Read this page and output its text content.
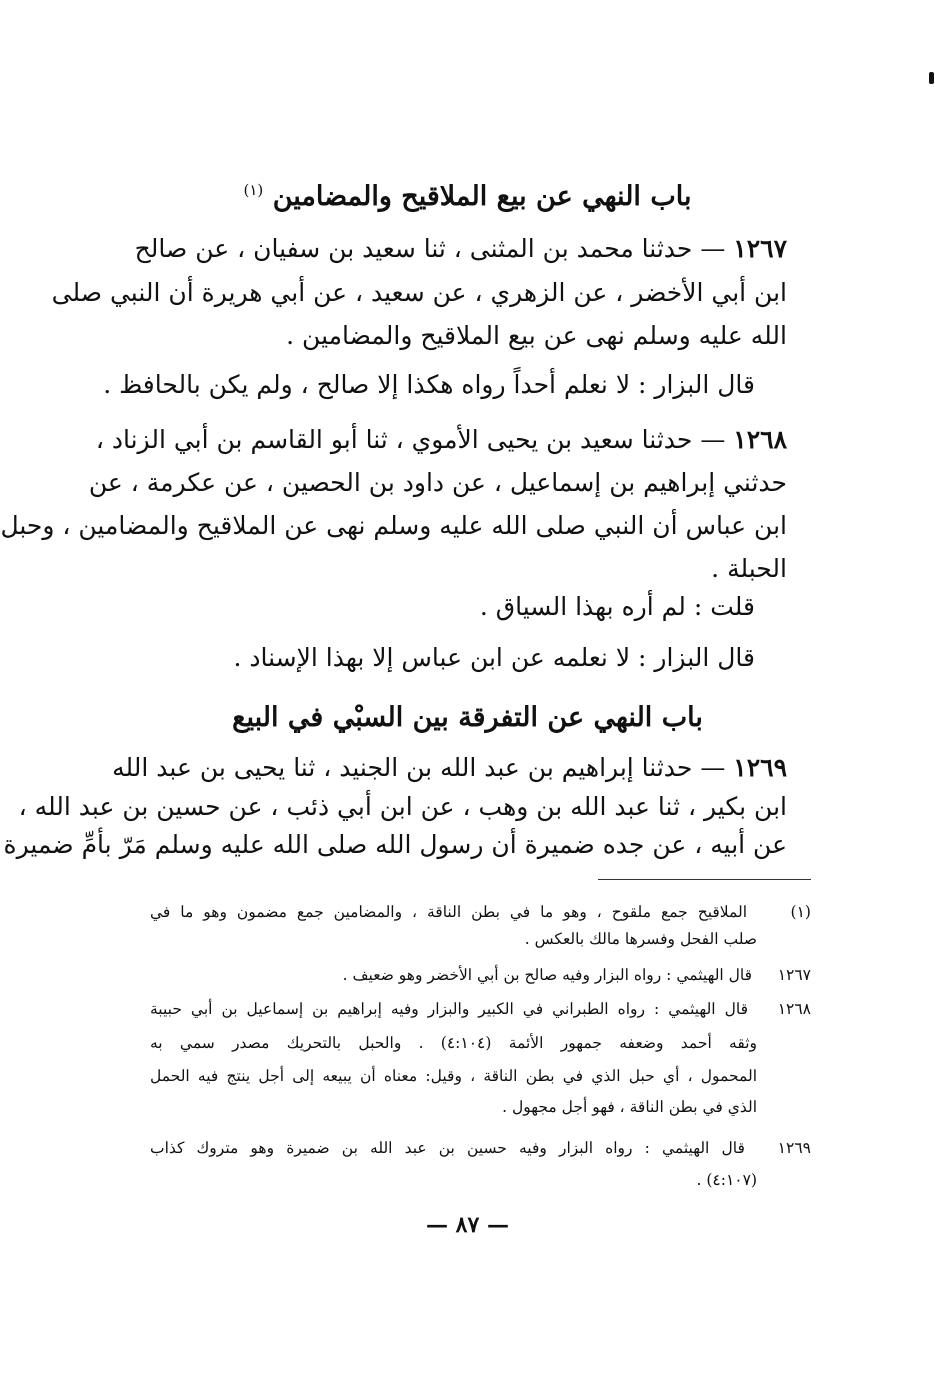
باب النهي عن بيع الملاقيح والمضامين $^{(١)}$
١٢٦٧ — حدثنا محمد بن المثنى ، ثنا سعيد بن سفيان ، عن صالح
ابن أبي الأخضر ، عن الزهري ، عن سعيد ، عن أبي هريرة أن النبي صلى
الله عليه وسلم نهى عن بيع الملاقيح والمضامين .
قال البزار : لا نعلم أحداً رواه هكذا إلا صالح ، ولم يكن بالحافظ .
١٢٦٨ — حدثنا سعيد بن يحيى الأموي ، ثنا أبو القاسم بن أبي الزناد ،
حدثني إبراهيم بن إسماعيل ، عن داود بن الحصين ، عن عكرمة ، عن
ابن عباس أن النبي صلى الله عليه وسلم نهى عن الملاقيح والمضامين ، وحبل
الحبلة .
قلت : لم أره بهذا السياق .
قال البزار : لا نعلمه عن ابن عباس إلا بهذا الإسناد .
باب النهي عن التفرقة بين السبْي في البيع
١٢٦٩ — حدثنا إبراهيم بن عبد الله بن الجنيد ، ثنا يحيى بن عبد الله
ابن بكير ، ثنا عبد الله بن وهب ، عن ابن أبي ذئب ، عن حسين بن عبد الله ،
عن أبيه ، عن جده ضميرة أن رسول الله صلى الله عليه وسلم مَرّ بأمِّ ضميرة
(١) الملاقيح جمع ملقوح ، وهو ما في بطن الناقة ، والمضامين جمع مضمون وهو ما في
صلب الفحل وفسرها مالك بالعكس .
١٢٦٧ قال الهيثمي : رواه البزار وفيه صالح بن أبي الأخضر وهو ضعيف .
١٢٦٨ قال الهيثمي : رواه الطبراني في الكبير والبزار وفيه إبراهيم بن إسماعيل بن أبي حبيبة
وثقه أحمد وضعفه جمهور الأئمة (٤:١٠٤) . والحبل بالتحريك مصدر سمي به
المحمول ، أي حبل الذي في بطن الناقة ، وقيل: معناه أن يبيعه إلى أجل ينتج فيه الحمل
الذي في بطن الناقة ، فهو أجل مجهول .
١٢٦٩ قال الهيثمي : رواه البزار وفيه حسين بن عبد الله بن ضميرة وهو متروك كذاب
(٤:١٠٧) .
— ٨٧ —
